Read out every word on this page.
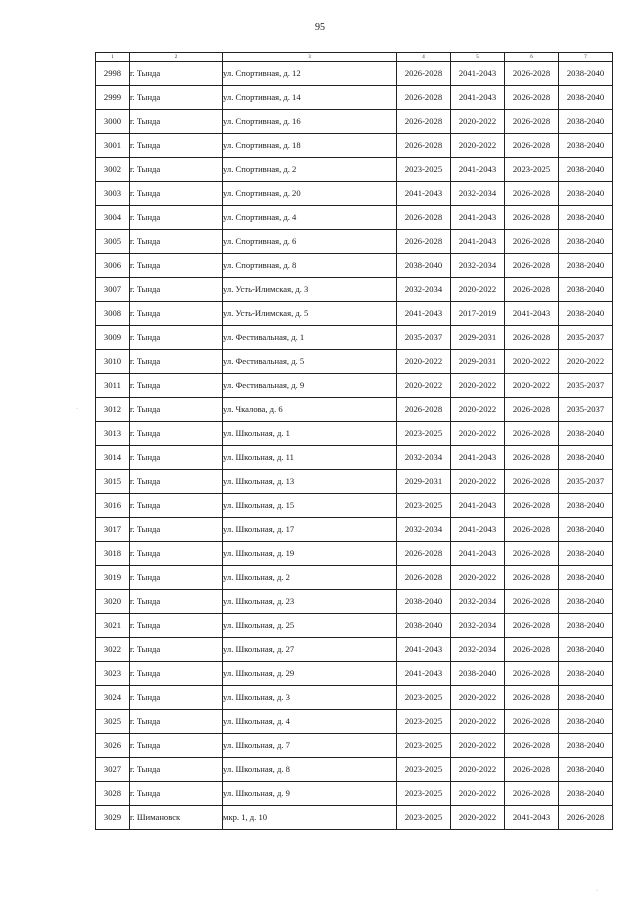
95
1	2	3	4	5	6	7
2998	г. Тында	ул. Спортивная, д. 12	2026-2028	2041-2043	2026-2028	2038-2040
2999	г. Тында	ул. Спортивная, д. 14	2026-2028	2041-2043	2026-2028	2038-2040
3000	г. Тында	ул. Спортивная, д. 16	2026-2028	2020-2022	2026-2028	2038-2040
3001	г. Тында	ул. Спортивная, д. 18	2026-2028	2020-2022	2026-2028	2038-2040
3002	г. Тында	ул. Спортивная, д. 2	2023-2025	2041-2043	2023-2025	2038-2040
3003	г. Тында	ул. Спортивная, д. 20	2041-2043	2032-2034	2026-2028	2038-2040
3004	г. Тында	ул. Спортивная, д. 4	2026-2028	2041-2043	2026-2028	2038-2040
3005	г. Тында	ул. Спортивная, д. 6	2026-2028	2041-2043	2026-2028	2038-2040
3006	г. Тында	ул. Спортивная, д. 8	2038-2040	2032-2034	2026-2028	2038-2040
3007	г. Тында	ул. Усть-Илимская, д. 3	2032-2034	2020-2022	2026-2028	2038-2040
3008	г. Тында	ул. Усть-Илимская, д. 5	2041-2043	2017-2019	2041-2043	2038-2040
3009	г. Тында	ул. Фестивальная, д. 1	2035-2037	2029-2031	2026-2028	2035-2037
3010	г. Тында	ул. Фестивальная, д. 5	2020-2022	2029-2031	2020-2022	2020-2022
3011	г. Тында	ул. Фестивальная, д. 9	2020-2022	2020-2022	2020-2022	2035-2037
3012	г. Тында	ул. Чкалова, д. 6	2026-2028	2020-2022	2026-2028	2035-2037
3013	г. Тында	ул. Школьная, д. 1	2023-2025	2020-2022	2026-2028	2038-2040
3014	г. Тында	ул. Школьная, д. 11	2032-2034	2041-2043	2026-2028	2038-2040
3015	г. Тында	ул. Школьная, д. 13	2029-2031	2020-2022	2026-2028	2035-2037
3016	г. Тында	ул. Школьная, д. 15	2023-2025	2041-2043	2026-2028	2038-2040
3017	г. Тында	ул. Школьная, д. 17	2032-2034	2041-2043	2026-2028	2038-2040
3018	г. Тында	ул. Школьная, д. 19	2026-2028	2041-2043	2026-2028	2038-2040
3019	г. Тында	ул. Школьная, д. 2	2026-2028	2020-2022	2026-2028	2038-2040
3020	г. Тында	ул. Школьная, д. 23	2038-2040	2032-2034	2026-2028	2038-2040
3021	г. Тында	ул. Школьная, д. 25	2038-2040	2032-2034	2026-2028	2038-2040
3022	г. Тында	ул. Школьная, д. 27	2041-2043	2032-2034	2026-2028	2038-2040
3023	г. Тында	ул. Школьная, д. 29	2041-2043	2038-2040	2026-2028	2038-2040
3024	г. Тында	ул. Школьная, д. 3	2023-2025	2020-2022	2026-2028	2038-2040
3025	г. Тында	ул. Школьная, д. 4	2023-2025	2020-2022	2026-2028	2038-2040
3026	г. Тында	ул. Школьная, д. 7	2023-2025	2020-2022	2026-2028	2038-2040
3027	г. Тында	ул. Школьная, д. 8	2023-2025	2020-2022	2026-2028	2038-2040
3028	г. Тында	ул. Школьная, д. 9	2023-2025	2020-2022	2026-2028	2038-2040
3029	г. Шимановск	мкр. 1, д. 10	2023-2025	2020-2022	2041-2043	2026-2028
·
·
